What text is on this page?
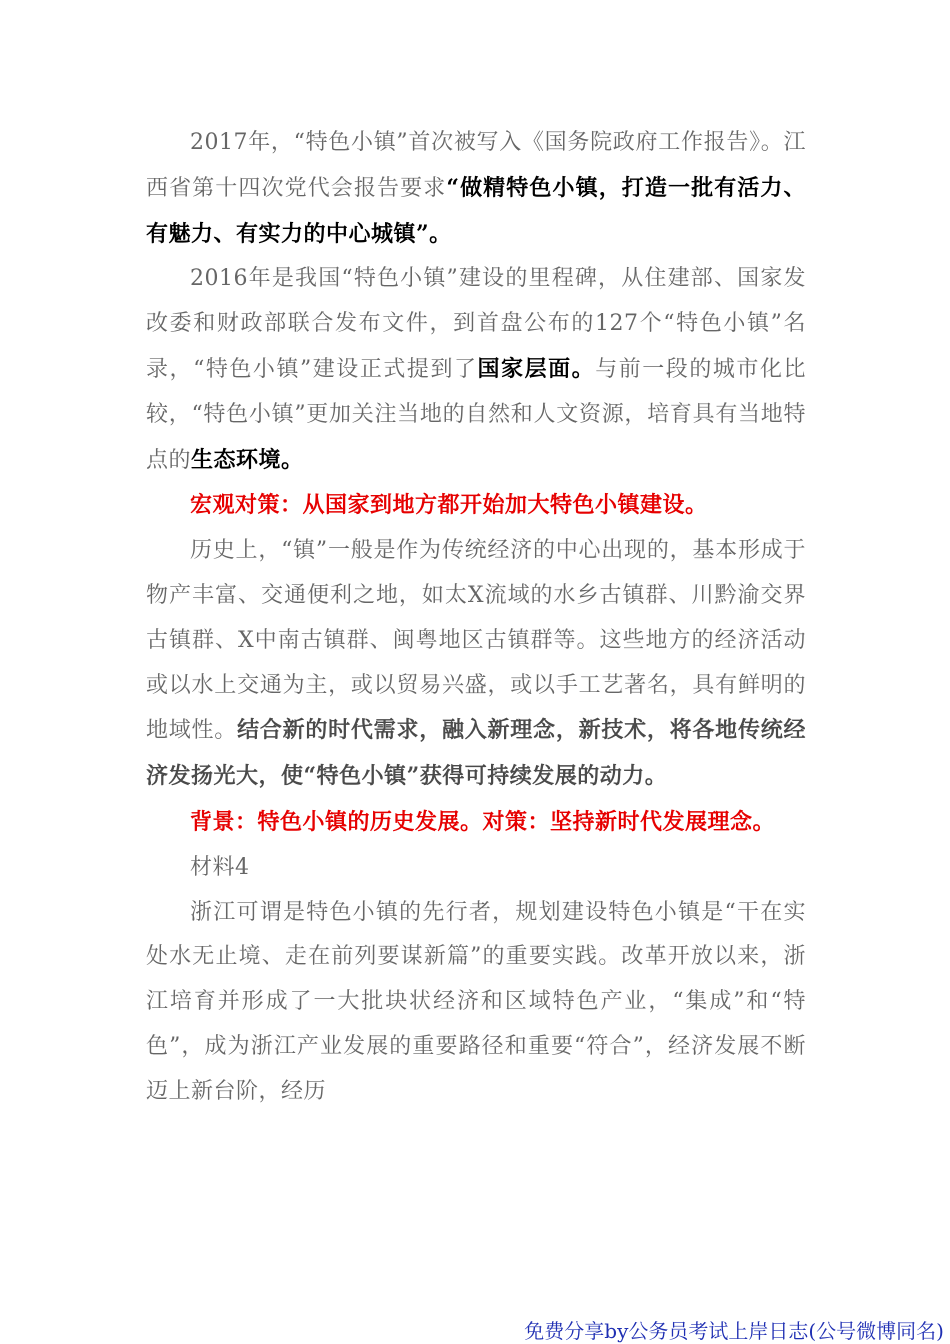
2017年，“特色小镇”首次被写入《国务院政府工作报告》。江西省第十四次党代会报告要求“做精特色小镇，打造一批有活力、有魅力、有实力的中心城镇”。

2016年是我国“特色小镇”建设的里程碑，从住建部、国家发改委和财政部联合发布文件，到首盘公布的127个“特色小镇”名录，“特色小镇”建设正式提到了国家层面。与前一段的城市化比较，“特色小镇”更加关注当地的自然和人文资源，培育具有当地特点的生态环境。

宏观对策：从国家到地方都开始加大特色小镇建设。

历史上，“镇”一般是作为传统经济的中心出现的，基本形成于物产丰富、交通便利之地，如太X流域的水乡古镇群、川黔渝交界古镇群、X中南古镇群、闽粤地区古镇群等。这些地方的经济活动或以水上交通为主，或以贸易兴盛，或以手工艺著名，具有鲜明的地域性。结合新的时代需求，融入新理念，新技术，将各地传统经济发扬光大，使“特色小镇”获得可持续发展的动力。

背景：特色小镇的历史发展。对策：坚持新时代发展理念。

材料4

浙江可谓是特色小镇的先行者，规划建设特色小镇是“干在实处水无止境、走在前列要谋新篇”的重要实践。改革开放以来，浙江培育并形成了一大批块状经济和区域特色产业，“集成”和“特色”，成为浙江产业发展的重要路径和重要“符合”，经济发展不断迈上新台阶，经历

免费分享by公务员考试上岸日志(公号微博同名)
